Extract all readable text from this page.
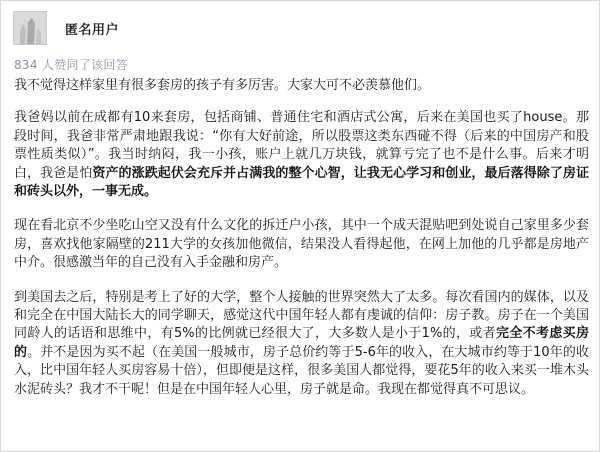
匿名用户
834 人赞同了该回答

我不觉得这样家里有很多套房的孩子有多厉害。大家大可不必羡慕他们。

我爸妈以前在成都有10来套房，包括商铺、普通住宅和酒店式公寓，后来在美国也买了house。那段时间，我爸非常严肃地跟我说：“你有大好前途，所以股票这类东西碰不得（后来的中国房产和股票性质类似）”。我当时纳闷，我一小孩，账户上就几万块钱，就算亏完了也不是什么事。后来才明白，我爸是怕资产的涨跌起伏会充斥并占满我的整个心智，让我无心学习和创业，最后落得除了房证和砖头以外，一事无成。

现在看北京不少坐吃山空又没有什么文化的拆迁户小孩，其中一个成天混贴吧到处说自己家里多少套房，喜欢找他家隔壁的211大学的女孩加他微信，结果没人看得起他，在网上加他的几乎都是房地产中介。很感激当年的自己没有入手金融和房产。

到美国去之后，特别是考上了好的大学，整个人接触的世界突然大了太多。每次看国内的媒体，以及和完全在中国大陆长大的同学聊天，感觉这代中国年轻人都有虔诚的信仰：房子教。房子在一个美国同龄人的话语和思维中，有5%的比例就已经很大了，大多数人是小于1%的，或者完全不考虑买房的。并不是因为买不起（在美国一般城市，房子总价约等于5-6年的收入，在大城市约等于10年的收入，比中国年轻人买房容易十倍），但即便是这样，很多美国人都觉得，要花5年的收入来买一堆木头水泥砖头？我才不干呢！但是在中国年轻人心里，房子就是命。我现在都觉得真不可思议。
